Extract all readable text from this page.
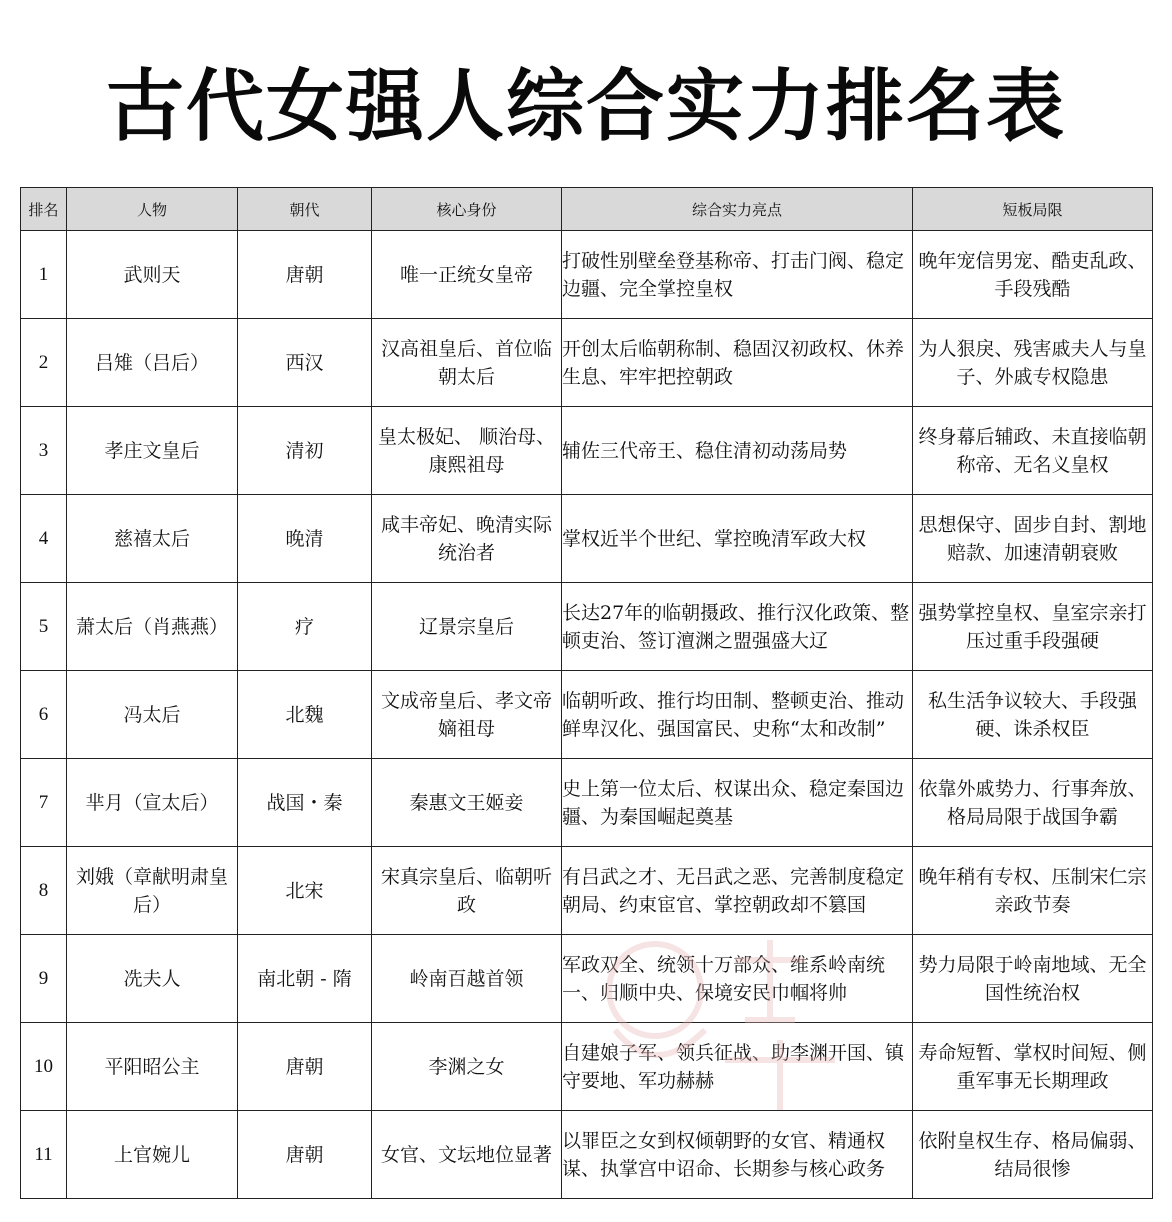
古代女强人综合实力排名表
排名	人物	朝代	核心身份	综合实力亮点	短板局限
1	武则天	唐朝	唯一正统女皇帝	打破性别壁垒登基称帝、打击门阀、稳定边疆、完全掌控皇权	晚年宠信男宠、酷吏乱政、手段残酷
2	吕雉（吕后）	西汉	汉高祖皇后、首位临朝太后	开创太后临朝称制、稳固汉初政权、休养生息、牢牢把控朝政	为人狠戾、残害戚夫人与皇子、外戚专权隐患
3	孝庄文皇后	清初	皇太极妃、 顺治母、康熙祖母	辅佐三代帝王、稳住清初动荡局势	终身幕后辅政、未直接临朝称帝、无名义皇权
4	慈禧太后	晚清	咸丰帝妃、晚清实际统治者	掌权近半个世纪、掌控晚清军政大权	思想保守、固步自封、割地赔款、加速清朝衰败
5	萧太后（肖燕燕）	疗	辽景宗皇后	长达27年的临朝摄政、推行汉化政策、整顿吏治、签订澶渊之盟强盛大辽	强势掌控皇权、皇室宗亲打压过重手段强硬
6	冯太后	北魏	文成帝皇后、孝文帝嫡祖母	临朝听政、推行均田制、整顿吏治、推动鲜卑汉化、强国富民、史称“太和改制”	私生活争议较大、手段强硬、诛杀权臣
7	芈月（宣太后）	战国・秦	秦惠文王姬妾	史上第一位太后、权谋出众、稳定秦国边疆、为秦国崛起奠基	依靠外戚势力、行事奔放、格局局限于战国争霸
8	刘娥（章献明肃皇后）	北宋	宋真宗皇后、临朝听政	有吕武之才、无吕武之恶、完善制度稳定朝局、约束宦官、掌控朝政却不篡国	晚年稍有专权、压制宋仁宗亲政节奏
9	冼夫人	南北朝 - 隋	岭南百越首领	军政双全、统领十万部众、维系岭南统一、归顺中央、保境安民巾帼将帅	势力局限于岭南地域、无全国性统治权
10	平阳昭公主	唐朝	李渊之女	自建娘子军、领兵征战、助李渊开国、镇守要地、军功赫赫	寿命短暂、掌权时间短、侧重军事无长期理政
11	上官婉儿	唐朝	女官、文坛地位显著	以罪臣之女到权倾朝野的女官、精通权谋、执掌宫中诏命、长期参与核心政务	依附皇权生存、格局偏弱、结局很惨
